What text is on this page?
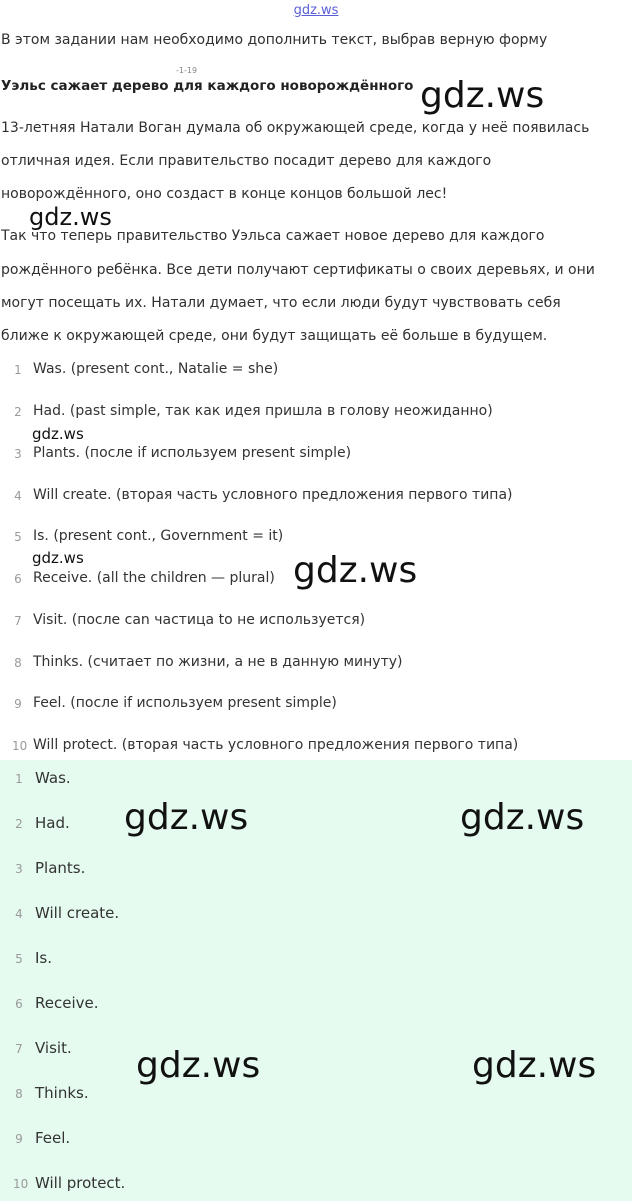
gdz.ws
В этом задании нам необходимо дополнить текст, выбрав верную форму
-1-19
Уэльс сажает дерево для каждого новорождённого
13-летняя Натали Воган думала об окружающей среде, когда у неё появилась
отличная идея. Если правительство посадит дерево для каждого
новорождённого, оно создаст в конце концов большой лес!
Так что теперь правительство Уэльса сажает новое дерево для каждого
рождённого ребёнка. Все дети получают сертификаты о своих деревьях, и они
могут посещать их. Натали думает, что если люди будут чувствовать себя
ближе к окружающей среде, они будут защищать её больше в будущем.
1 Was. (present cont., Natalie = she)
2 Had. (past simple, так как идея пришла в голову неожиданно)
3 Plants. (после if используем present simple)
4 Will create. (вторая часть условного предложения первого типа)
5 Is. (present cont., Government = it)
6 Receive. (all the children — plural)
7 Visit. (после can частица to не используется)
8 Thinks. (считает по жизни, а не в данную минуту)
9 Feel. (после if используем present simple)
10 Will protect. (вторая часть условного предложения первого типа)
1 Was.
2 Had.
3 Plants.
4 Will create.
5 Is.
6 Receive.
7 Visit.
8 Thinks.
9 Feel.
10 Will protect.
gdz.ws
gdz.ws
gdz.ws
gdz.ws	gdz.ws
gdz.ws	gdz.ws
gdz.ws	gdz.ws
